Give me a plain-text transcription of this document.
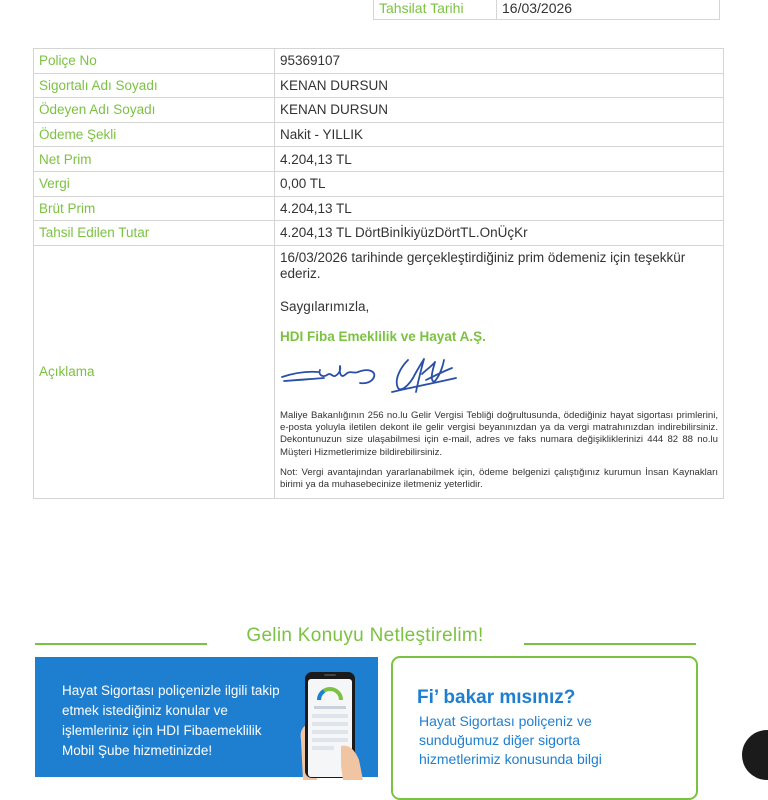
Tahsilat Tarihi	16/03/2026
Poliçe No	95369107
Sigortalı Adı Soyadı	KENAN DURSUN
Ödeyen Adı Soyadı	KENAN DURSUN
Ödeme Şekli	Nakit - YILLIK
Net Prim	4.204,13 TL
Vergi	0,00 TL
Brüt Prim	4.204,13 TL
Tahsil Edilen Tutar	4.204,13 TL DörtBinİkiyüzDörtTL.OnÜçKr
Açıklama	16/03/2026 tarihinde gerçekleştirdiğiniz prim ödemeniz için teşekkür ederiz.

Saygılarımızla,

HDI Fiba Emeklilik ve Hayat A.Ş.

Maliye Bakanlığının 256 no.lu Gelir Vergisi Tebliği doğrultusunda, ödediğiniz hayat sigortası primlerini, e-posta yoluyla iletilen dekont ile gelir vergisi beyanınızdan ya da vergi matrahınızdan indirebilirsiniz. Dekontunuzun size ulaşabilmesi için e-mail, adres ve faks numara değişikliklerinizi 444 82 88 no.lu Müşteri Hizmetlerimize bildirebilirsiniz.

Not: Vergi avantajından yararlanabilmek için, ödeme belgenizi çalıştığınız kurumun İnsan Kaynakları birimi ya da muhasebecinize iletmeniz yeterlidir.

Gelin Konuyu Netleştirelim!
Hayat Sigortası poliçenizle ilgili takip etmek istediğiniz konular ve işlemleriniz için HDI Fibaemeklilik Mobil Şube hizmetinizde!
Fi’ bakar mısınız?
Hayat Sigortası poliçeniz ve sunduğumuz diğer sigorta hizmetlerimiz konusunda bilgi
